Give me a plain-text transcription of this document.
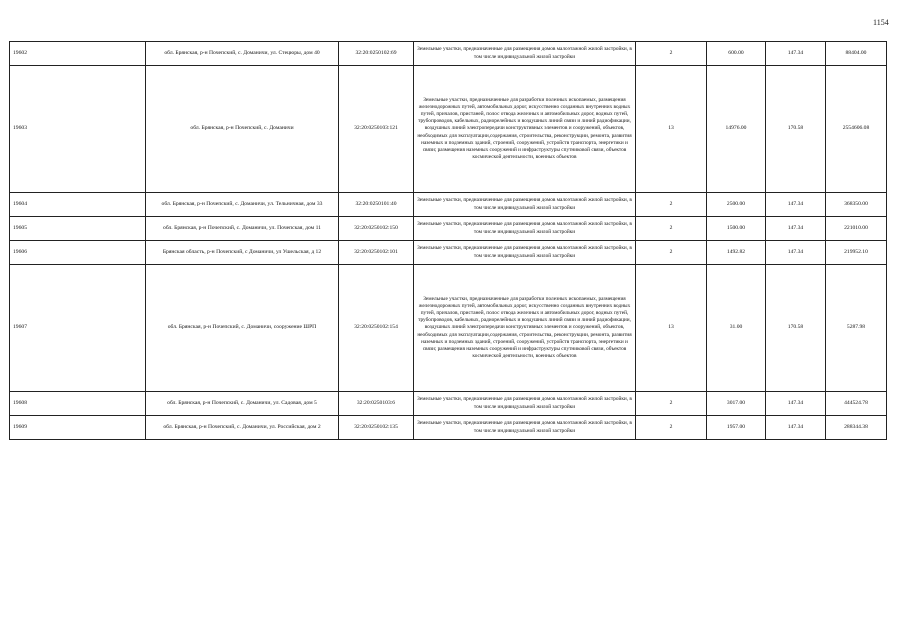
1154
19602	обл. Брянская, р-н Почепский, с. Доманичи, ул. Стецюры, дом 40	32:20:0250102:69	Земельные участки, предназначенные для размещения домов малоэтажной жилой застройки, в том числе индивидуальной жилой застройки	2	600.00	147.34	88404.00
19603	обл. Брянская, р-н Почепский, с. Доманичи	32:20:0250103:121	Земельные участки, предназначенные для разработки полезных ископаемых, размещения железнодорожных путей, автомобильных дорог, искусственно созданных внутренних водных путей, причалов, пристаней, полос отвода железных и автомобильных дорог, водных путей, трубопроводов, кабельных, радиорелейных и воздушных линий связи и линий радиофикации, воздушных линий электропередачи конструктивных элементов и сооружений, объектов, необходимых для эксплуатации,содержания, строительства, реконструкции, ремонта, развития наземных и подземных зданий, строений, сооружений, устройств транспорта, энергетики и связи; размещения наземных сооружений и инфраструктуры спутниковой связи, объектов космической деятельности, военных объектов	13	14976.00	170.58	2554606.08
19604	обл. Брянская, р-н Почепский, с. Доманичи, ул. Тельничная, дом 33	32:20:0250101:40	Земельные участки, предназначенные для размещения домов малоэтажной жилой застройки, в том числе индивидуальной жилой застройки	2	2500.00	147.34	368350.00
19605	обл. Брянская, р-н Почепский, с. Доманичи, ул. Почепская, дом 11	32:20:0250102:150	Земельные участки, предназначенные для размещения домов малоэтажной жилой застройки, в том числе индивидуальной жилой застройки	2	1500.00	147.34	221010.00
19606	Брянская область, р-н Почепский, с Доманичи, ул Ушельская, д 12	32:20:0250102:101	Земельные участки, предназначенные для размещения домов малоэтажной жилой застройки, в том числе индивидуальной жилой застройки	2	1492.82	147.34	219952.10
19607	обл. Брянская, р-н Почепский, с. Доманичи, сооружение ШРП	32:20:0250102:154	Земельные участки, предназначенные для разработки полезных ископаемых, размещения железнодорожных путей, автомобильных дорог, искусственно созданных внутренних водных путей, причалов, пристаней, полос отвода железных и автомобильных дорог, водных путей, трубопроводов, кабельных, радиорелейных и воздушных линий связи и линий радиофикации, воздушных линий электропередачи конструктивных элементов и сооружений, объектов, необходимых для эксплуатации,содержания, строительства, реконструкции, ремонта, развития наземных и подземных зданий, строений, сооружений, устройств транспорта, энергетики и связи; размещения наземных сооружений и инфраструктуры спутниковой связи, объектов космической деятельности, военных объектов	13	31.00	170.58	5287.98
19608	обл. Брянская, р-н Почепский, с. Доманичи, ул. Садовая, дом 5	32:20:0250103:6	Земельные участки, предназначенные для размещения домов малоэтажной жилой застройки, в том числе индивидуальной жилой застройки	2	3017.00	147.34	444524.78
19609	обл. Брянская, р-н Почепский, с. Доманичи, ул. Российская, дом 2	32:20:0250102:135	Земельные участки, предназначенные для размещения домов малоэтажной жилой застройки, в том числе индивидуальной жилой застройки	2	1957.00	147.34	288344.38
